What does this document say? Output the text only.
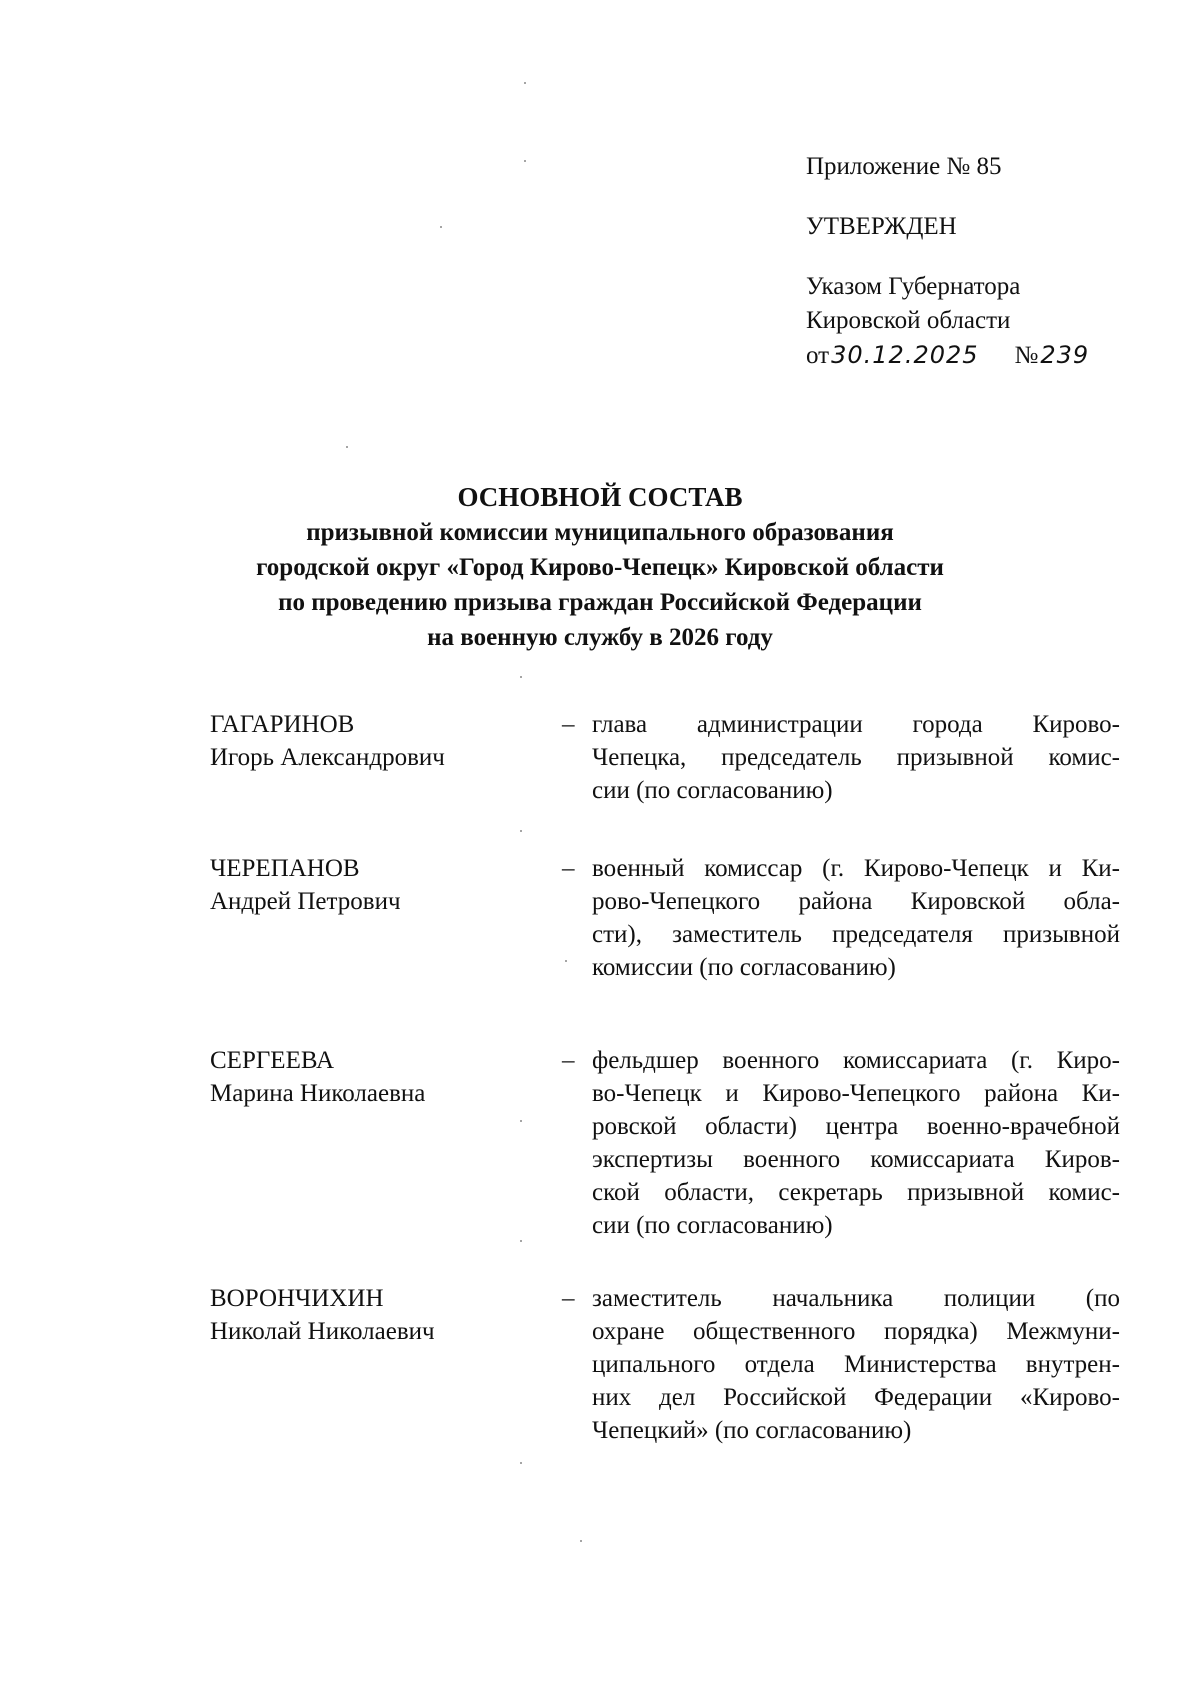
Приложение № 85
УТВЕРЖДЕН
Указом Губернатора
Кировской области
от30.12.2025 №239
ОСНОВНОЙ СОСТАВ
призывной комиссии муниципального образования
городской округ «Город Кирово-Чепецк» Кировской области
по проведению призыва граждан Российской Федерации
на военную службу в 2026 году
ГАГАРИНОВ
Игорь Александрович
– глава администрации города Кирово-
Чепецка, председатель призывной комис-
сии (по согласованию)
ЧЕРЕПАНОВ
Андрей Петрович
– военный комиссар (г. Кирово-Чепецк и Ки-
рово-Чепецкого района Кировской обла-
сти), заместитель председателя призывной
комиссии (по согласованию)
СЕРГЕЕВА
Марина Николаевна
– фельдшер военного комиссариата (г. Киро-
во-Чепецк и Кирово-Чепецкого района Ки-
ровской области) центра военно-врачебной
экспертизы военного комиссариата Киров-
ской области, секретарь призывной комис-
сии (по согласованию)
ВОРОНЧИХИН
Николай Николаевич
– заместитель начальника полиции (по
охране общественного порядка) Межмуни-
ципального отдела Министерства внутрен-
них дел Российской Федерации «Кирово-
Чепецкий» (по согласованию)
